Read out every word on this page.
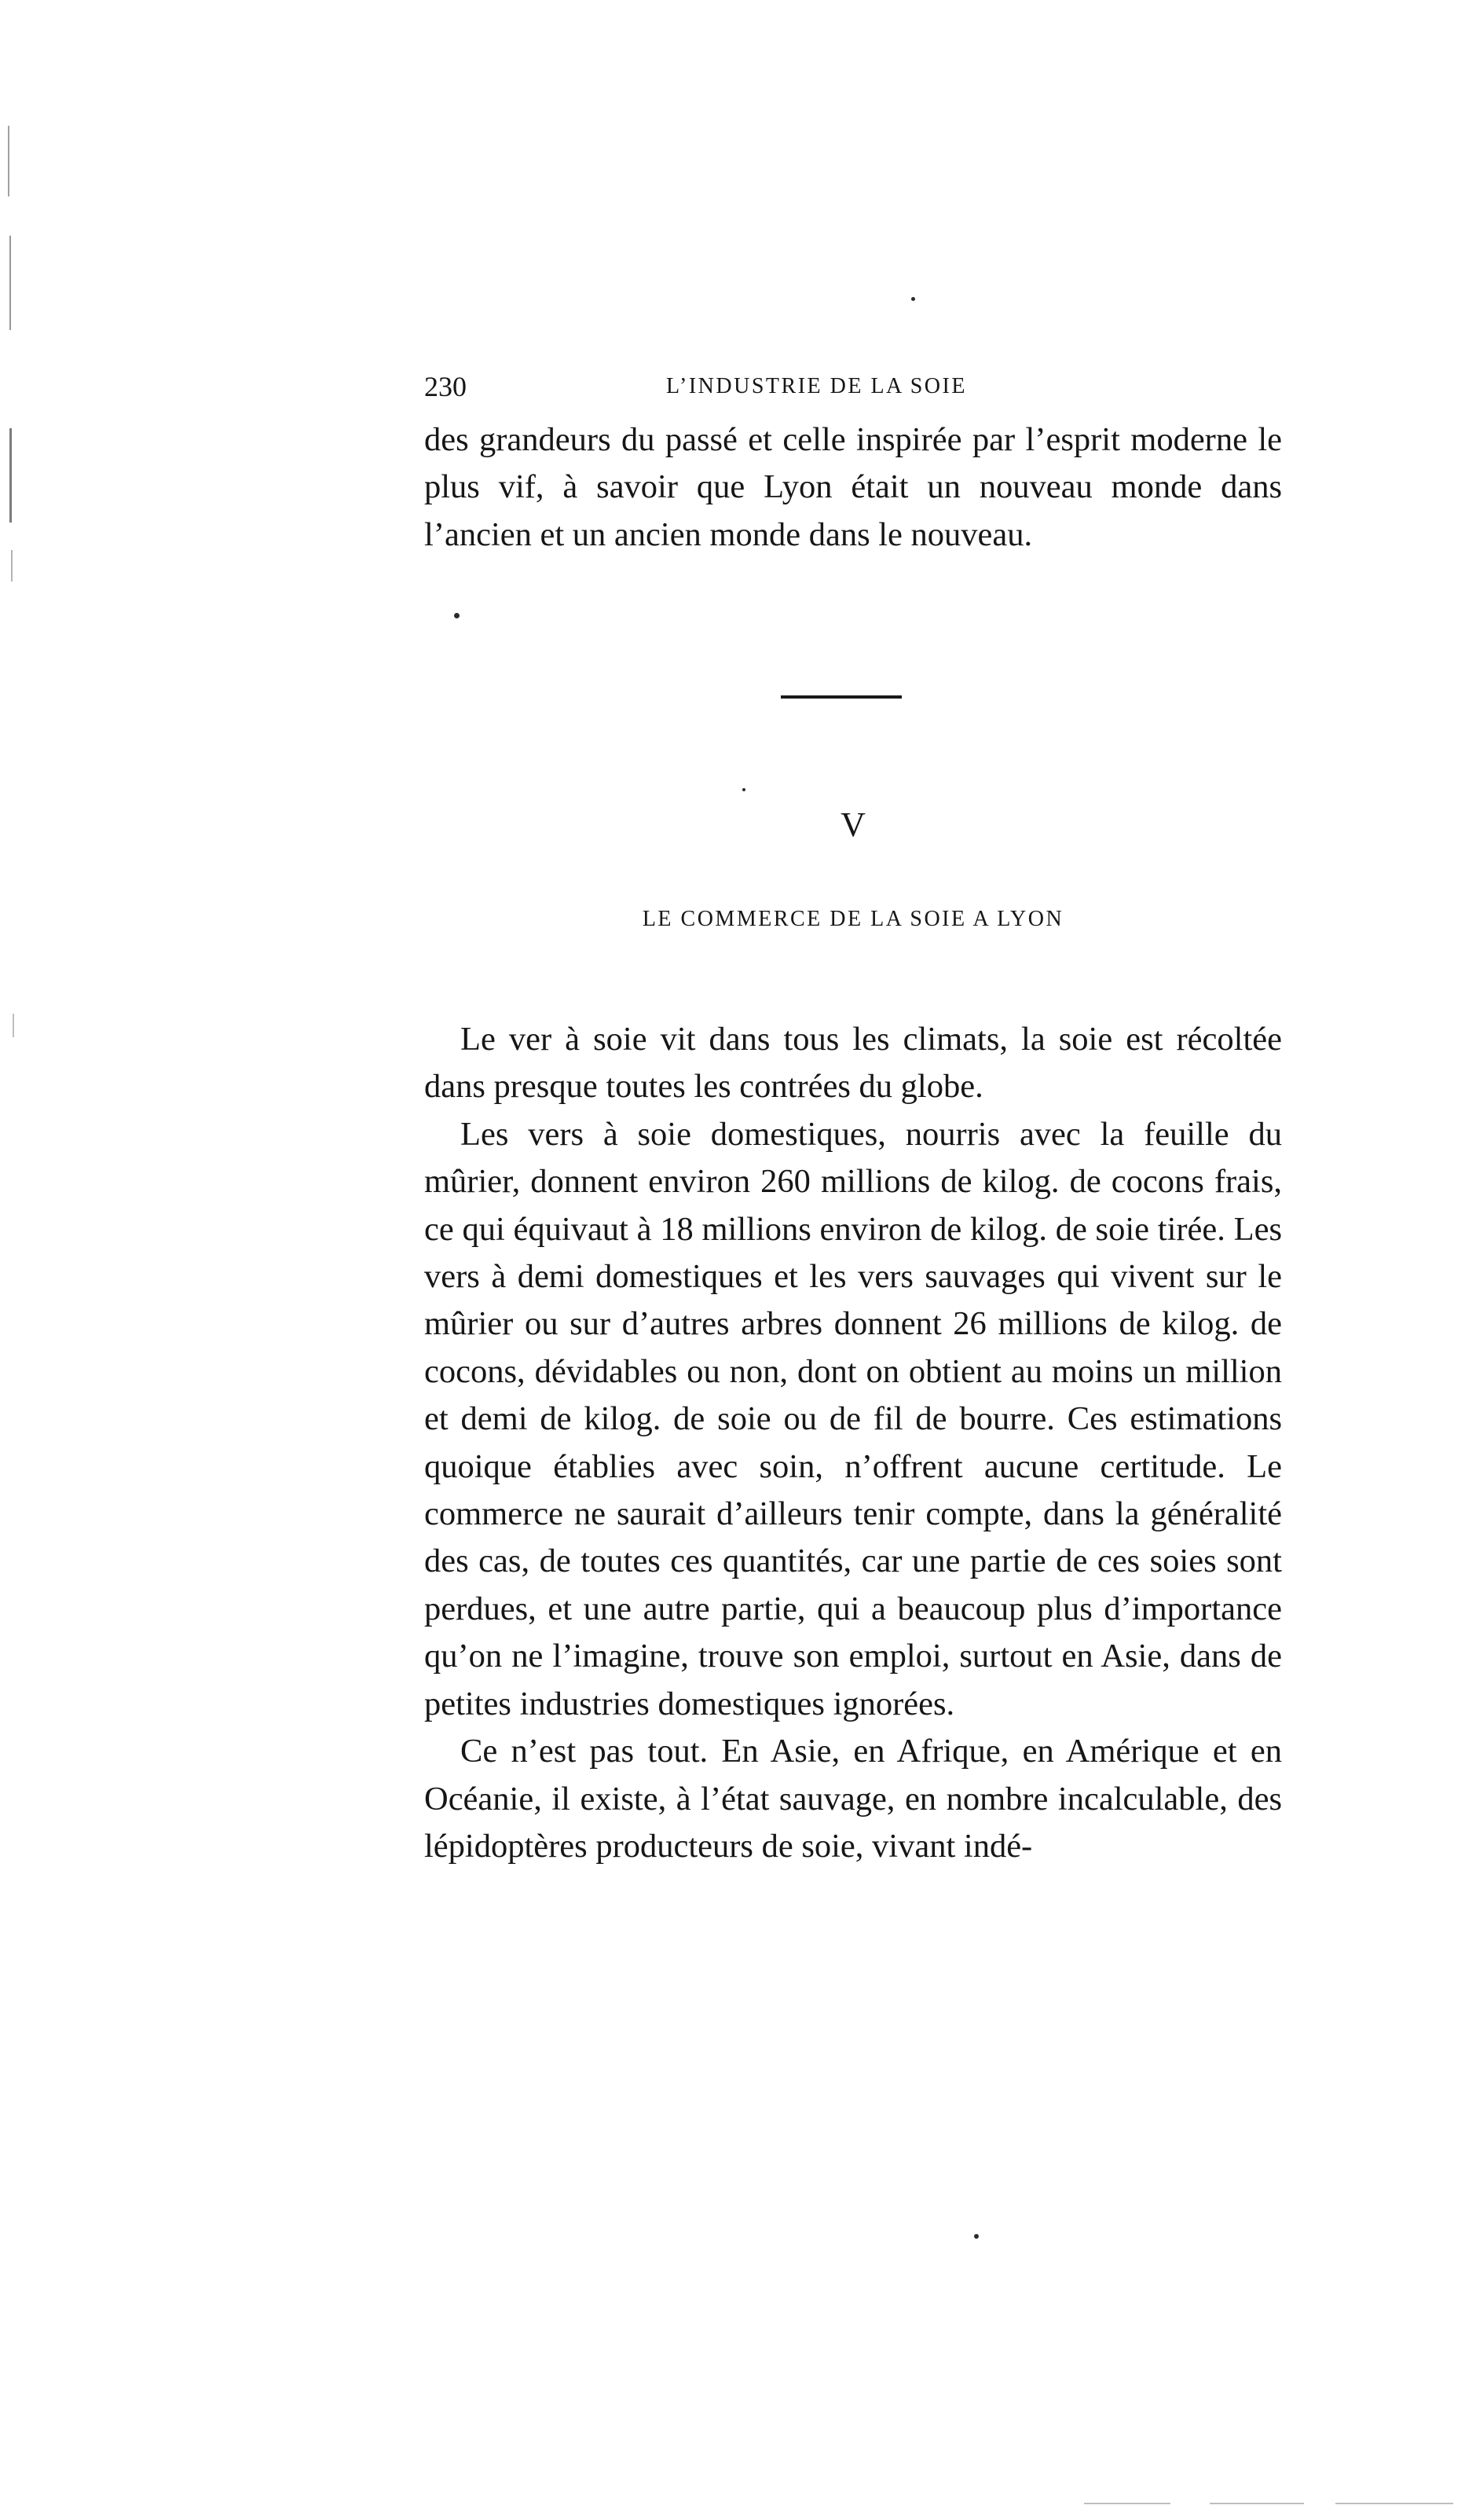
230	L’INDUSTRIE DE LA SOIE

des grandeurs du passé et celle inspirée par l’esprit moderne le plus vif, à savoir que Lyon était un nouveau monde dans l’ancien et un ancien monde dans le nouveau.

V
LE COMMERCE DE LA SOIE A LYON

Le ver à soie vit dans tous les climats, la soie est récoltée dans presque toutes les contrées du globe.

Les vers à soie domestiques, nourris avec la feuille du mûrier, donnent environ 260 millions de kilog. de cocons frais, ce qui équivaut à 18 millions environ de kilog. de soie tirée. Les vers à demi domestiques et les vers sauvages qui vivent sur le mûrier ou sur d’autres arbres donnent 26 millions de kilog. de cocons, dévidables ou non, dont on obtient au moins un million et demi de kilog. de soie ou de fil de bourre. Ces estimations quoique établies avec soin, n’offrent aucune certitude. Le commerce ne saurait d’ailleurs tenir compte, dans la généralité des cas, de toutes ces quantités, car une partie de ces soies sont perdues, et une autre partie, qui a beaucoup plus d’importance qu’on ne l’imagine, trouve son emploi, surtout en Asie, dans de petites industries domestiques ignorées.

Ce n’est pas tout. En Asie, en Afrique, en Amérique et en Océanie, il existe, à l’état sauvage, en nombre incalculable, des lépidoptères producteurs de soie, vivant indé-
